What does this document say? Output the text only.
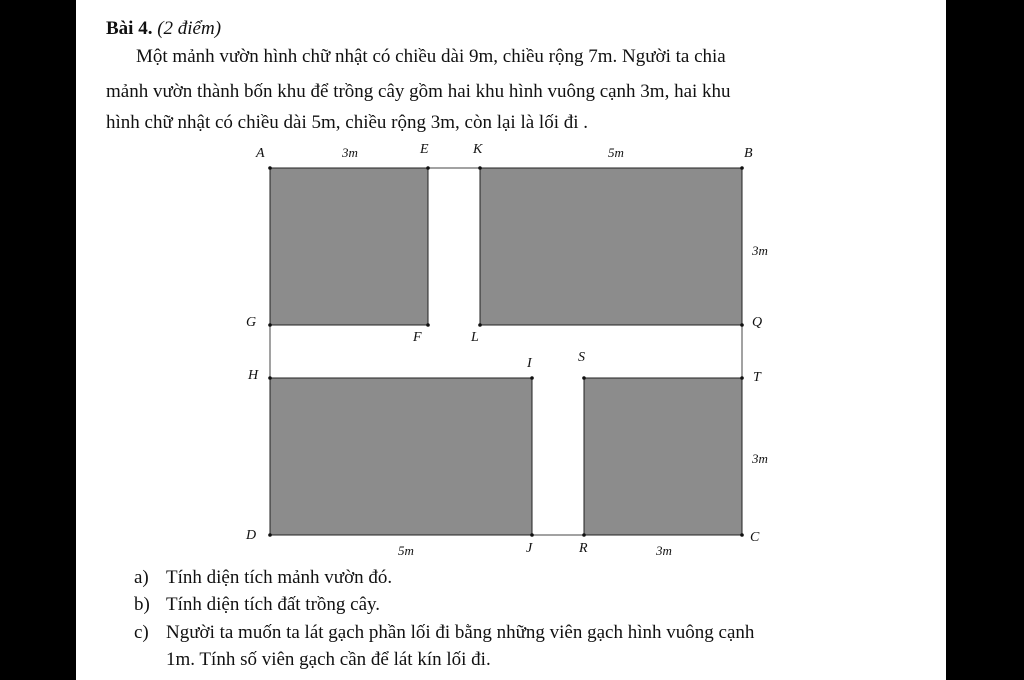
Bài 4. (2 điểm)
Một mảnh vườn hình chữ nhật có chiều dài 9m, chiều rộng 7m. Người ta chia
mảnh vườn thành bốn khu để trồng cây gồm hai khu hình vuông cạnh 3m, hai khu
hình chữ nhật có chiều dài 5m, chiều rộng 3m, còn lại là lối đi .
A	E	K	B
G	Q
F	L
H
I	S
T
D
J	R
C
3m	5m
3m
3m
5m	3m
a) Tính diện tích mảnh vườn đó.
b) Tính diện tích đất trồng cây.
c) Người ta muốn ta lát gạch phần lối đi bằng những viên gạch hình vuông cạnh
1m. Tính số viên gạch cần để lát kín lối đi.
